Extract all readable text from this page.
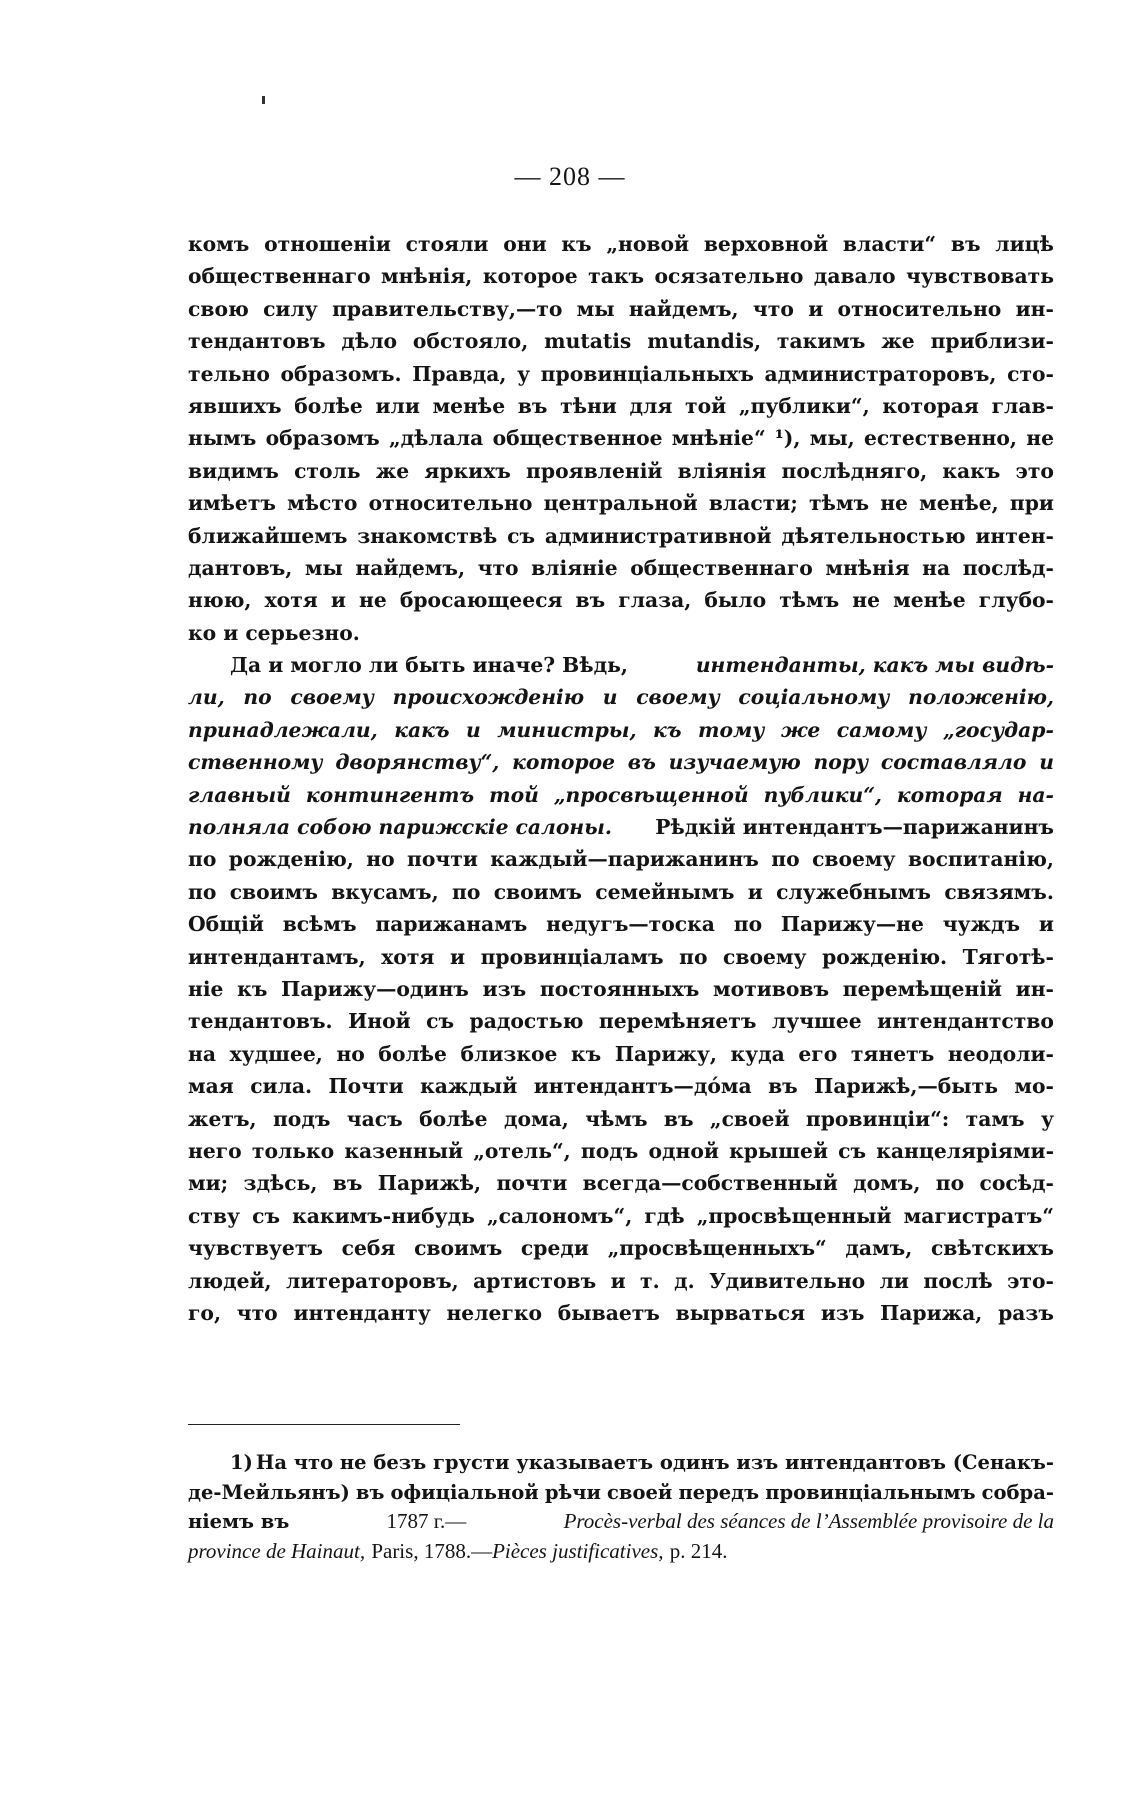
— 208 —
комъ отношеніи стояли они къ „новой верховной власти“ въ лицѣ
общественнаго мнѣнія, которое такъ осязательно давало чувствовать
свою силу правительству,—то мы найдемъ, что и относительно ин-
тендантовъ дѣло обстояло, mutatis mutandis, такимъ же приблизи-
тельно образомъ. Правда, у провинціальныхъ администраторовъ, сто-
явшихъ болѣе или менѣе въ тѣни для той „публики“, которая глав-
нымъ образомъ „дѣлала общественное мнѣніе“ ¹), мы, естественно, не
видимъ столь же яркихъ проявленій вліянія послѣдняго, какъ это
имѣетъ мѣсто относительно центральной власти; тѣмъ не менѣе, при
ближайшемъ знакомствѣ съ административной дѣятельностью интен-
дантовъ, мы найдемъ, что вліяніе общественнаго мнѣнія на послѣд-
нюю, хотя и не бросающееся въ глаза, было тѣмъ не менѣе глубо-
ко и серьезно.
Да и могло ли быть иначе? Вѣдь,	интенданты, какъ мы видѣ-
ли, по своему происхожденію и своему соціальному положенію,
принадлежали, какъ и министры, къ тому же самому „государ-
ственному дворянству“, которое въ изучаемую пору составляло и
главный контингентъ той „просвѣщенной публики“, которая на-
полняла собою парижскіе салоны. Рѣдкій интендантъ—парижанинъ
по рожденію, но почти каждый—парижанинъ по своему воспитанію,
по своимъ вкусамъ, по своимъ семейнымъ и служебнымъ связямъ.
Общій всѣмъ парижанамъ недугъ—тоска по Парижу—не чуждъ и
интендантамъ, хотя и провинціаламъ по своему рожденію. Тяготѣ-
ніе къ Парижу—одинъ изъ постоянныхъ мотивовъ перемѣщеній ин-
тендантовъ. Иной съ радостью перемѣняетъ лучшее интендантство
на худшее, но болѣе близкое къ Парижу, куда его тянетъ неодоли-
мая сила. Почти каждый интендантъ—дóма въ Парижѣ,—быть мо-
жетъ, подъ часъ болѣе дома, чѣмъ въ „своей провинціи“: тамъ у
него только казенный „отель“, подъ одной крышей съ канцеляріями-
ми; здѣсь, въ Парижѣ, почти всегда—собственный домъ, по сосѣд-
ству съ какимъ-нибудь „салономъ“, гдѣ „просвѣщенный магистратъ“
чувствуетъ себя своимъ среди „просвѣщенныхъ“ дамъ, свѣтскихъ
людей, литераторовъ, артистовъ и т. д. Удивительно ли послѣ это-
го, что интенданту нелегко бываетъ вырваться изъ Парижа, разъ
1) На что не безъ грусти указываетъ одинъ изъ интендантовъ (Сенакъ-
де-Мейльянъ) въ офиціальной рѣчи своей передъ провинціальнымъ собра-
ніемъ въ	1787 г.—	Procès-verbal des séances de l’Assemblée provisoire de la
province de Hainaut,
Paris, 1788.— Pièces justificatives,
p. 214.
